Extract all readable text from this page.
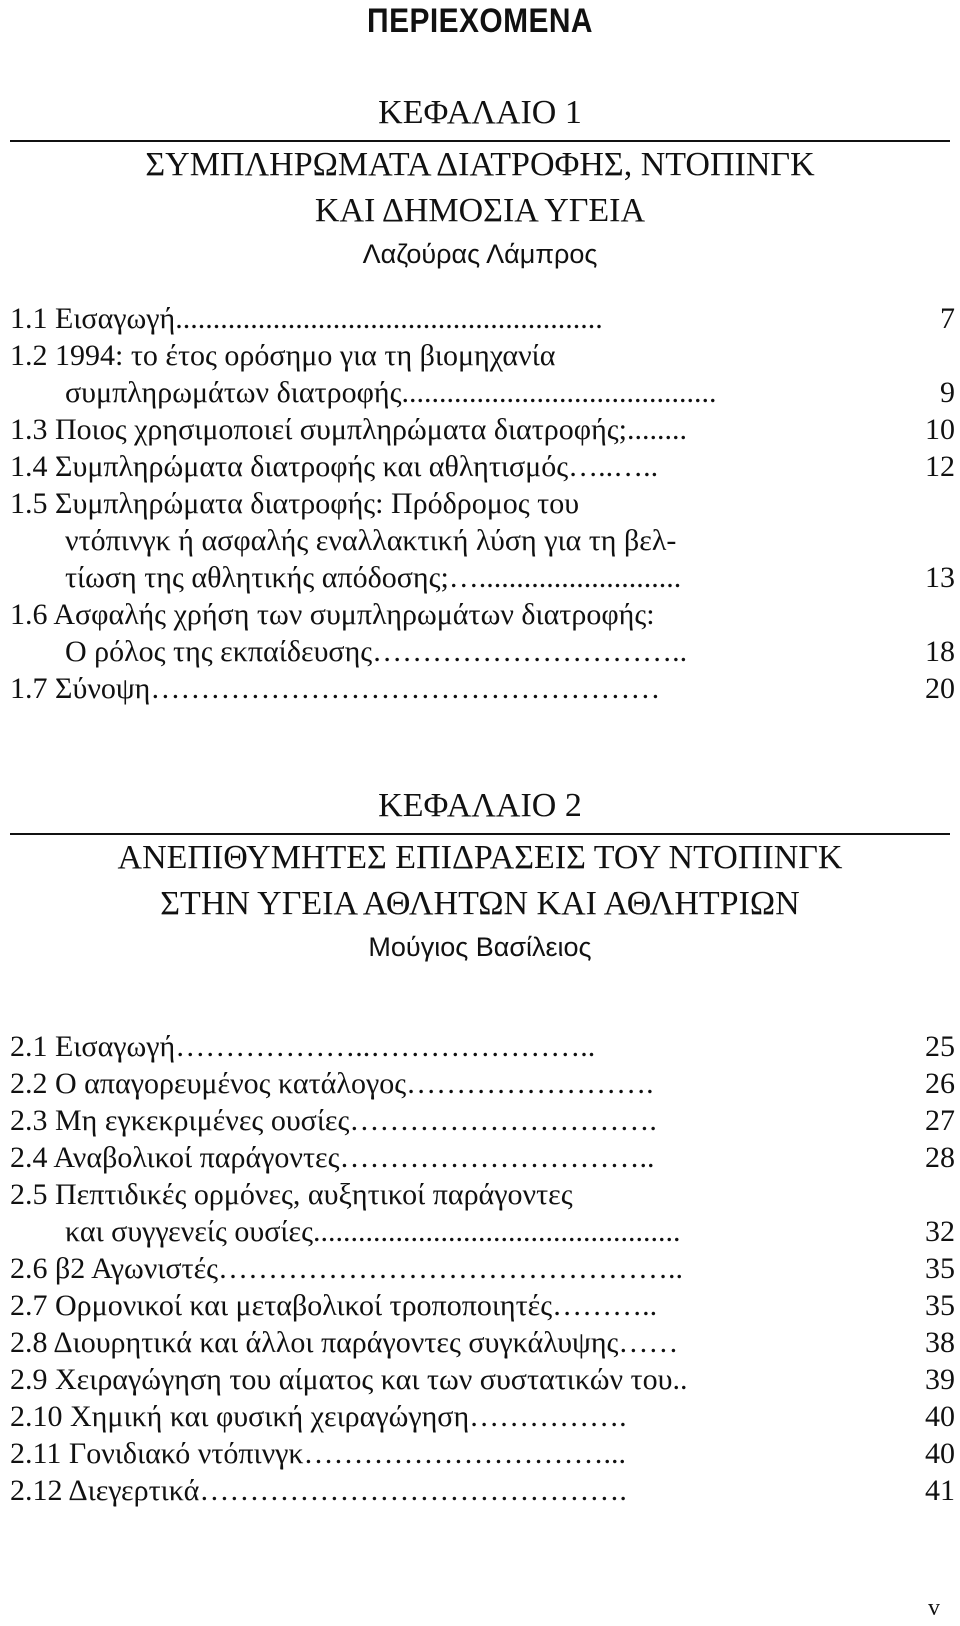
ΠΕΡΙΕΧΟΜΕΝΑ
ΚΕΦΑΛΑΙΟ 1
ΣΥΜΠΛΗΡΩΜΑΤΑ ΔΙΑΤΡΟΦΗΣ, ΝΤΟΠΙΝΓΚ
ΚΑΙ ΔΗΜΟΣΙΑ ΥΓΕΙΑ
Λαζούρας Λάμπρος
1.1 Εισαγωγή.........................................................	7
1.2 1994: το έτος ορόσημο για τη βιομηχανία
συμπληρωμάτων διατροφής..........................................	9
1.3 Ποιος χρησιμοποιεί συμπληρώματα διατροφής;........	10
1.4 Συμπληρώματα διατροφής και αθλητισμός…..…..	12
1.5 Συμπληρώματα διατροφής: Πρόδρομος του
ντόπινγκ ή ασφαλής εναλλακτική λύση για τη βελ-
τίωση της αθλητικής απόδοσης;…...........................	13
1.6 Ασφαλής χρήση των συμπληρωμάτων διατροφής:
Ο ρόλος της εκπαίδευσης…………………………..	18
1.7 Σύνοψη……………………………………………	20
ΚΕΦΑΛΑΙΟ 2
ΑΝΕΠΙΘΥΜΗΤΕΣ ΕΠΙΔΡΑΣΕΙΣ ΤΟΥ ΝΤΟΠΙΝΓΚ
ΣΤΗΝ ΥΓΕΙΑ ΑΘΛΗΤΩΝ ΚΑΙ ΑΘΛΗΤΡΙΩΝ
Μούγιος Βασίλειος
2.1 Εισαγωγή………………..…………………..	25
2.2 Ο απαγορευμένος κατάλογος…………………….	26
2.3 Μη εγκεκριμένες ουσίες………………………….	27
2.4 Αναβολικοί παράγοντες…………………………..	28
2.5 Πεπτιδικές ορμόνες, αυξητικοί παράγοντες
και συγγενείς ουσίες.................................................	32
2.6 β2 Αγωνιστές………………………………………..	35
2.7 Ορμονικοί και μεταβολικοί τροποποιητές………..	35
2.8 Διουρητικά και άλλοι παράγοντες συγκάλυψης……	38
2.9 Χειραγώγηση του αίματος και των συστατικών του..	39
2.10 Χημική και φυσική χειραγώγηση…………….	40
2.11 Γονιδιακό ντόπινγκ…………………………...	40
2.12 Διεγερτικά…………………………………….	41
v
